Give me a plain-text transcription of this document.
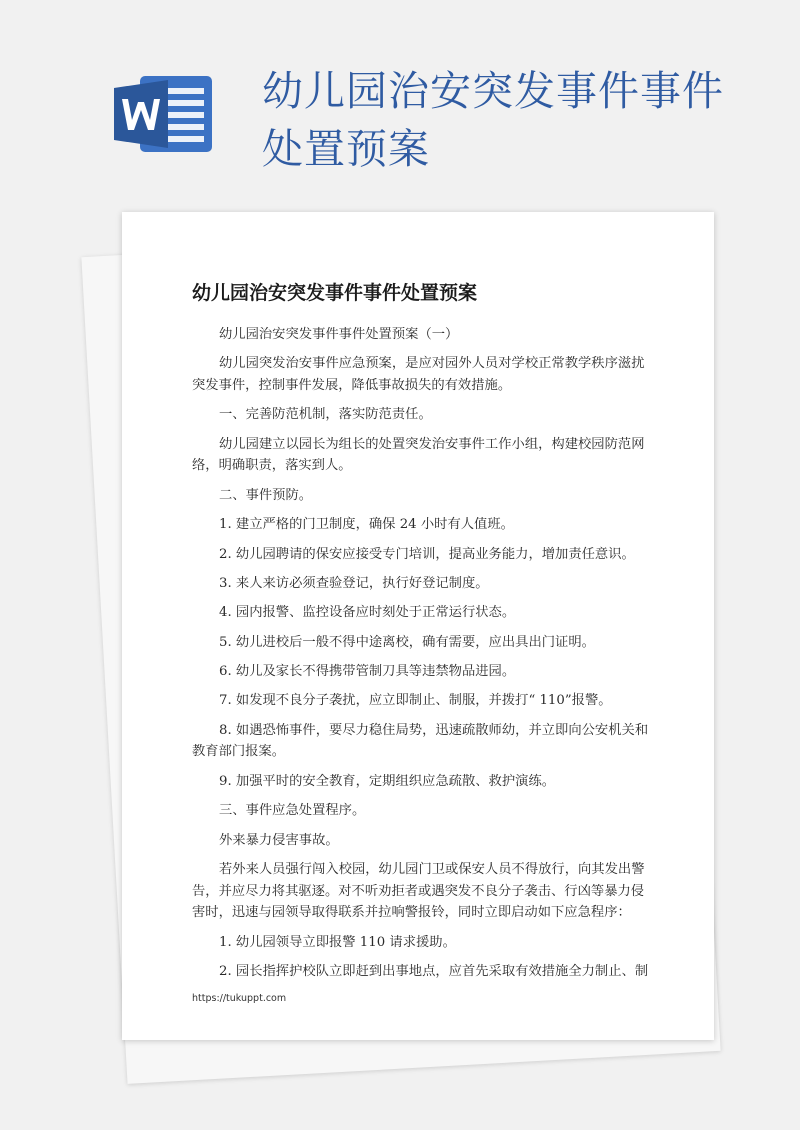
幼儿园治安突发事件事件处置预案
幼儿园治安突发事件事件处置预案

幼儿园治安突发事件事件处置预案（一）

幼儿园突发治安事件应急预案，是应对园外人员对学校正常教学秩序滋扰突发事件，控制事件发展，降低事故损失的有效措施。

一、完善防范机制，落实防范责任。

幼儿园建立以园长为组长的处置突发治安事件工作小组，构建校园防范网络，明确职责，落实到人。

二、事件预防。

1. 建立严格的门卫制度，确保 24 小时有人值班。

2. 幼儿园聘请的保安应接受专门培训，提高业务能力，增加责任意识。

3. 来人来访必须查验登记，执行好登记制度。

4. 园内报警、监控设备应时刻处于正常运行状态。

5. 幼儿进校后一般不得中途离校，确有需要，应出具出门证明。

6. 幼儿及家长不得携带管制刀具等违禁物品进园。

7. 如发现不良分子袭扰，应立即制止、制服，并拨打“ 110”报警。

8. 如遇恐怖事件，要尽力稳住局势，迅速疏散师幼，并立即向公安机关和教育部门报案。

9. 加强平时的安全教育，定期组织应急疏散、救护演练。

三、事件应急处置程序。

外来暴力侵害事故。

若外来人员强行闯入校园，幼儿园门卫或保安人员不得放行，向其发出警告，并应尽力将其驱逐。对不听劝拒者或遇突发不良分子袭击、行凶等暴力侵害时，迅速与园领导取得联系并拉响警报铃，同时立即启动如下应急程序：

1. 幼儿园领导立即报警 110 请求援助。

2. 园长指挥护校队立即赶到出事地点，应首先采取有效措施全力制止、制

https://tukuppt.com
